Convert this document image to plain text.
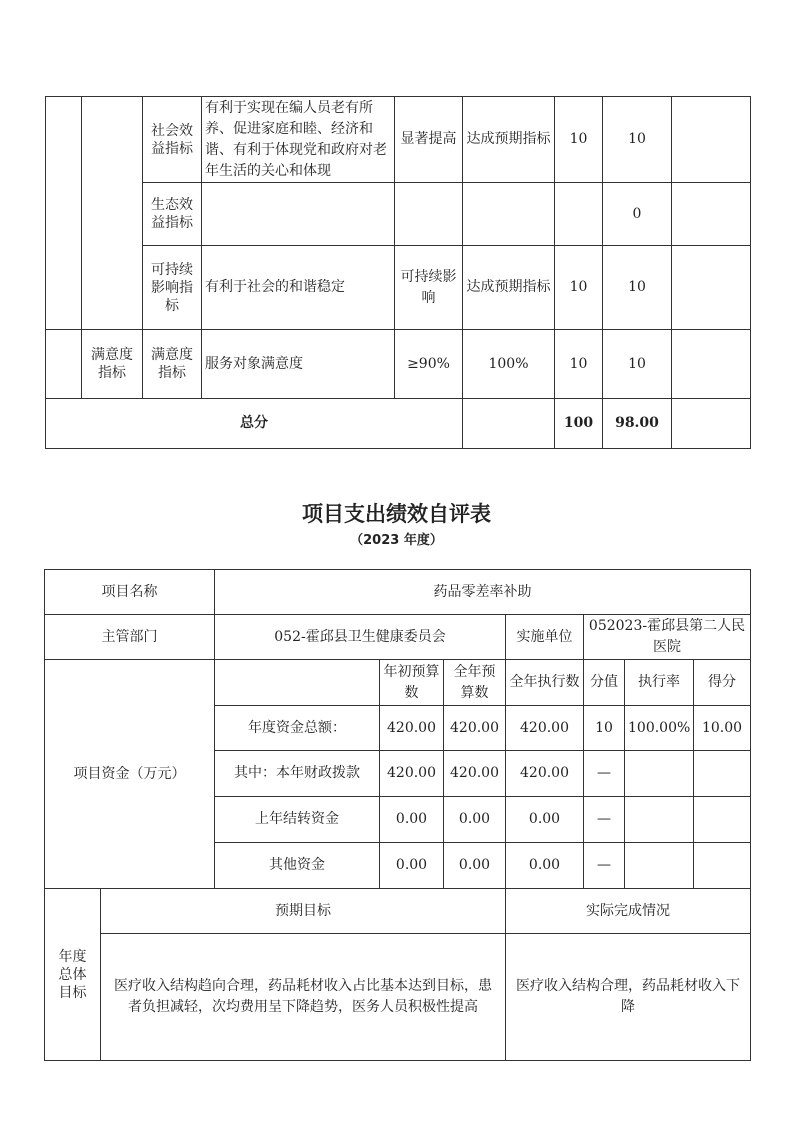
		社会效益指标	有利于实现在编人员老有所养、促进家庭和睦、经济和谐、有利于体现党和政府对老年生活的关心和体现	显著提高	达成预期指标	10	10	
		生态效益指标					0	
		可持续影响指标	有利于社会的和谐稳定	可持续影响	达成预期指标	10	10	
	满意度指标	满意度指标	服务对象满意度	≥90%	100%	10	10	
总分						100	98.00	
项目支出绩效自评表
（2023 年度）
项目名称		药品零差率补助						
主管部门		052-霍邱县卫生健康委员会			实施单位	052023-霍邱县第二人民医院		
项目资金（万元）			年初预算数	全年预算数	全年执行数	分值	执行率	得分
		年度资金总额：	420.00	420.00	420.00	10	100.00%	10.00
		其中：本年财政拨款	420.00	420.00	420.00	—		
		上年结转资金	0.00	0.00	0.00	—		
		其他资金	0.00	0.00	0.00	—		
年度总体目标	预期目标				实际完成情况			
	医疗收入结构趋向合理，药品耗材收入占比基本达到目标，患者负担减轻，次均费用呈下降趋势，医务人员积极性提高				医疗收入结构合理，药品耗材收入下降			
